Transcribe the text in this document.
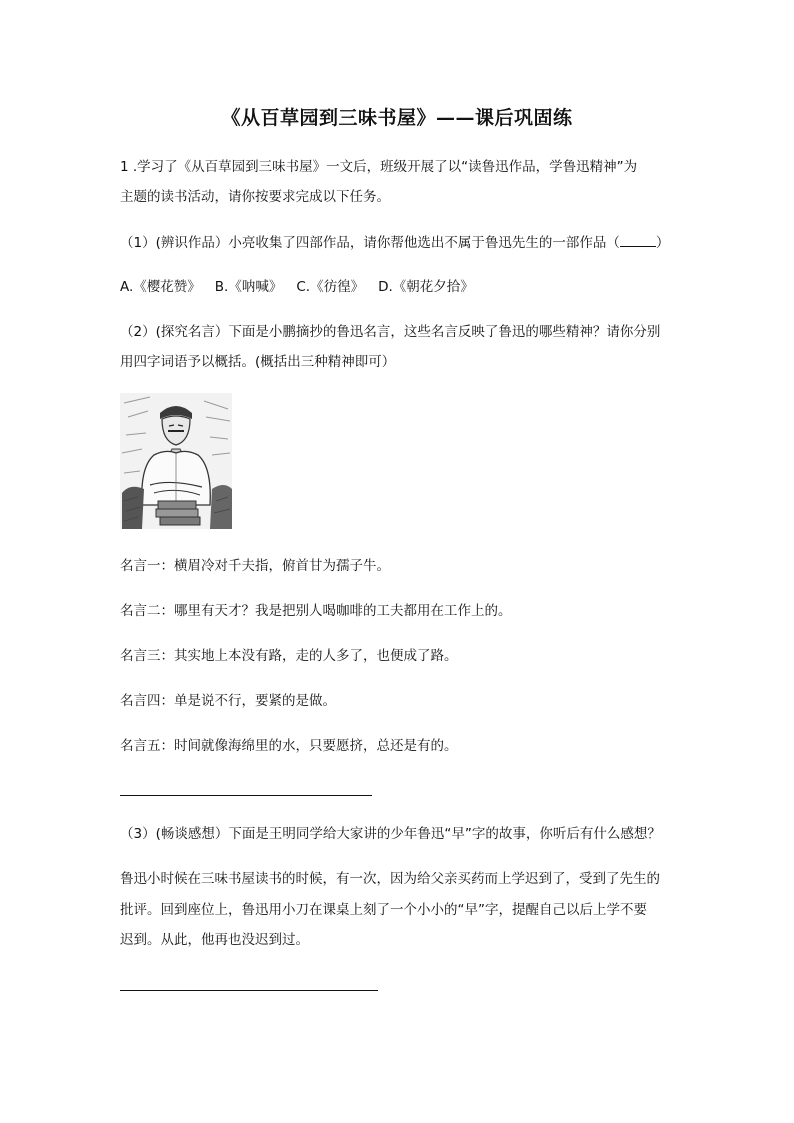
《从百草园到三味书屋》——课后巩固练
1 .学习了《从百草园到三味书屋》一文后，班级开展了以“读鲁迅作品，学鲁迅精神”为
主题的读书活动，请你按要求完成以下任务。
（1）(辨识作品）小亮收集了四部作品，请你帮他选出不属于鲁迅先生的一部作品（	）
A.《樱花赞》 B.《呐喊》 C.《彷徨》 D.《朝花夕拾》
（2）(探究名言）下面是小鹏摘抄的鲁迅名言，这些名言反映了鲁迅的哪些精神？请你分别
用四字词语予以概括。(概括出三种精神即可）
名言一：横眉冷对千夫指，俯首甘为孺子牛。
名言二：哪里有天才？我是把别人喝咖啡的工夫都用在工作上的。
名言三：其实地上本没有路，走的人多了，也便成了路。
名言四：单是说不行，要紧的是做。
名言五：时间就像海绵里的水，只要愿挤，总还是有的。
（3）(畅谈感想）下面是王明同学给大家讲的少年鲁迅“早”字的故事，你听后有什么感想？
鲁迅小时候在三味书屋读书的时候，有一次，因为给父亲买药而上学迟到了，受到了先生的
批评。回到座位上，鲁迅用小刀在课桌上刻了一个小小的“早”字，提醒自己以后上学不要
迟到。从此，他再也没迟到过。
